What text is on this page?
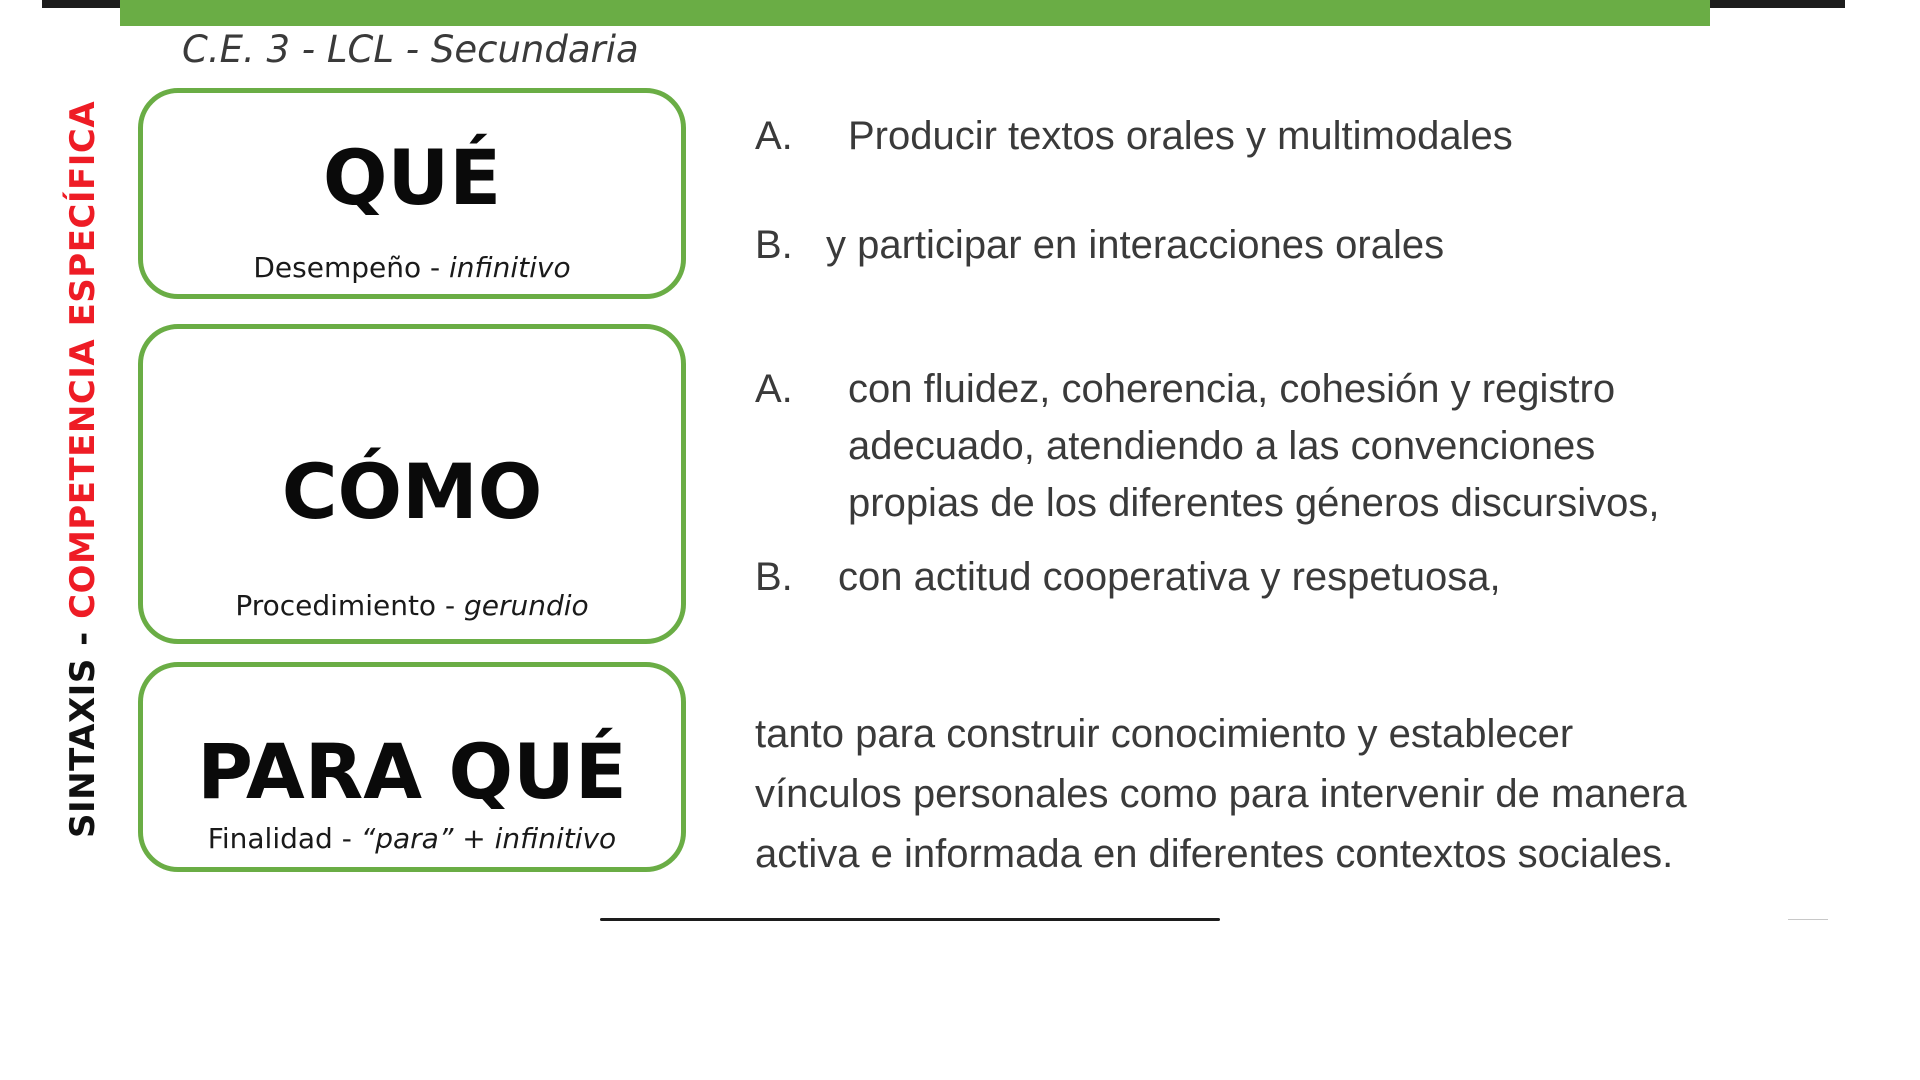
C.E. 3 - LCL - Secundaria
SINTAXIS - COMPETENCIA ESPECÍFICA	QUÉ
Desempeño - infinitivo
CÓMO
Procedimiento - gerundio
PARA QUÉ
Finalidad - “para” + infinitivo
A. Producir textos orales y multimodales
B. y participar en interacciones orales
A. con fluidez, coherencia, cohesión y registro
adecuado, atendiendo a las convenciones
propias de los diferentes géneros discursivos,
B. con actitud cooperativa y respetuosa,
tanto para construir conocimiento y establecer
vínculos personales como para intervenir de manera
activa e informada en diferentes contextos sociales.
